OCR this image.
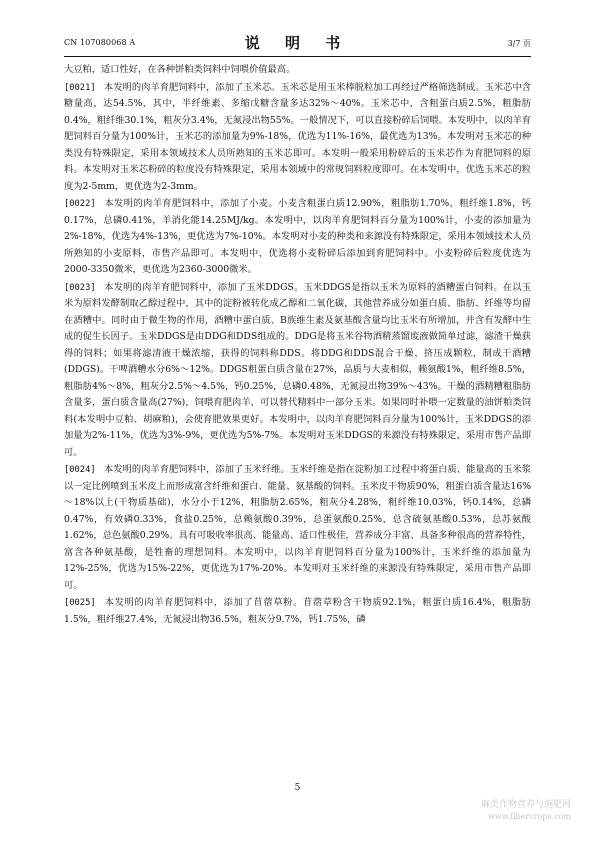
CN 107080068 A	说 明 书	3/7 页

大豆粕，适口性好，在各种饼粕类饲料中饲喂价值最高。

[0021] 本发明的肉羊育肥饲料中，添加了玉米芯。玉米芯是用玉米棒脱粒加工再经过严格筛选制成。玉米芯中含糖量高，达54.5%，其中，半纤维素、多缩戊糖含量多达32%～40%。玉米芯中，含粗蛋白质2.5%，粗脂肪0.4%，粗纤维30.1%，粗灰分3.4%，无氮浸出物55%。一般情况下，可以直接粉碎后饲喂。本发明中，以肉羊育肥饲料百分量为100%计，玉米芯的添加量为9%-18%，优选为11%-16%，最优选为13%。本发明对玉米芯的种类没有特殊限定，采用本领域技术人员所熟知的玉米芯即可。本发明一般采用粉碎后的玉米芯作为育肥饲料的原料。本发明对玉米芯粉碎的粒度没有特殊限定，采用本领域中的常规饲料粒度即可。在本发明中，优选玉米芯的粒度为2-5mm，更优选为2-3mm。

[0022] 本发明的肉羊育肥饲料中，添加了小麦。小麦含粗蛋白质12.90%，粗脂肪1.70%，粗纤维1.8%，钙0.17%，总磷0.41%，羊消化能14.25MJ/kg。本发明中，以肉羊育肥饲料百分量为100%计，小麦的添加量为2%-18%，优选为4%-13%，更优选为7%-10%。本发明对小麦的种类和来源没有特殊限定，采用本领域技术人员所熟知的小麦原料，市售产品即可。本发明中，优选将小麦粉碎后添加到育肥饲料中。小麦粉碎后粒度优选为2000-3350微米，更优选为2360-3000微米。

[0023] 本发明的肉羊育肥饲料中，添加了玉米DDGS。玉米DDGS是指以玉米为原料的酒糟蛋白饲料。在以玉米为原料发酵制取乙醇过程中，其中的淀粉被转化成乙醇和二氧化碳，其他营养成分如蛋白质、脂肪、纤维等均留在酒糟中。同时由于微生物的作用，酒糟中蛋白质、B族维生素及氨基酸含量均比玉米有所增加，并含有发酵中生成的促生长因子。玉米DDGS是由DDG和DDS组成的。DDG是将玉米谷物酒精蒸馏废液做简单过滤，滤渣干燥获得的饲料；如果将滤清液干燥浓缩，获得的饲料称DDS。将DDG和DDS混合干燥、挤压成颗粒，制成干酒糟(DDGS)。干啤酒糟水分6%～12%。DDGS粗蛋白质含量在27%，品质与大麦相似，赖氨酸1%，粗纤维8.5%，粗脂肪4%～8%，粗灰分2.5%～4.5%，钙0.25%，总磷0.48%，无氮浸出物39%～43%。干燥的酒精糟粗脂肪含量多，蛋白质含量高(27%)，饲喂育肥肉羊，可以替代精料中一部分玉米。如果同时补喂一定数量的油饼粕类饲料(本发明中豆粕、胡麻粕)，会使育肥效果更好。本发明中，以肉羊育肥饲料百分量为100%计，玉米DDGS的添加量为2%-11%，优选为3%-9%，更优选为5%-7%。本发明对玉米DDGS的来源没有特殊限定，采用市售产品即可。

[0024] 本发明的肉羊育肥饲料中，添加了玉米纤维。玉米纤维是指在淀粉加工过程中将蛋白质、能量高的玉米浆以一定比例喷到玉米皮上而形成富含纤维和蛋白、能量、氨基酸的饲料。玉米皮干物质90%，粗蛋白质含量达16%～18%以上(干物质基础)，水分小于12%，粗脂肪2.65%，粗灰分4.28%，粗纤维10.03%，钙0.14%，总磷0.47%，有效磷0.33%，食盐0.25%，总赖氨酸0.39%，总蛋氨酸0.25%，总含硫氨基酸0.53%，总苏氨酸1.62%，总色氨酸0.29%。具有可吸收率很高、能量高、适口性极佳，营养成分丰富、具备多种很高的营养特性，富含各种氨基酸，是牲畜的理想饲料。本发明中，以肉羊育肥饲料百分量为100%计，玉米纤维的添加量为12%-25%，优选为15%-22%，更优选为17%-20%。本发明对玉米纤维的来源没有特殊限定，采用市售产品即可。

[0025] 本发明的肉羊育肥饲料中，添加了苜蓿草粉。苜蓿草粉含干物质92.1%，粗蛋白质16.4%，粗脂肪1.5%，粗纤维27.4%，无氮浸出物36.5%，粗灰分9.7%，钙1.75%，磷

5
麻类作物营养与施肥网
www.fibercrops.com
